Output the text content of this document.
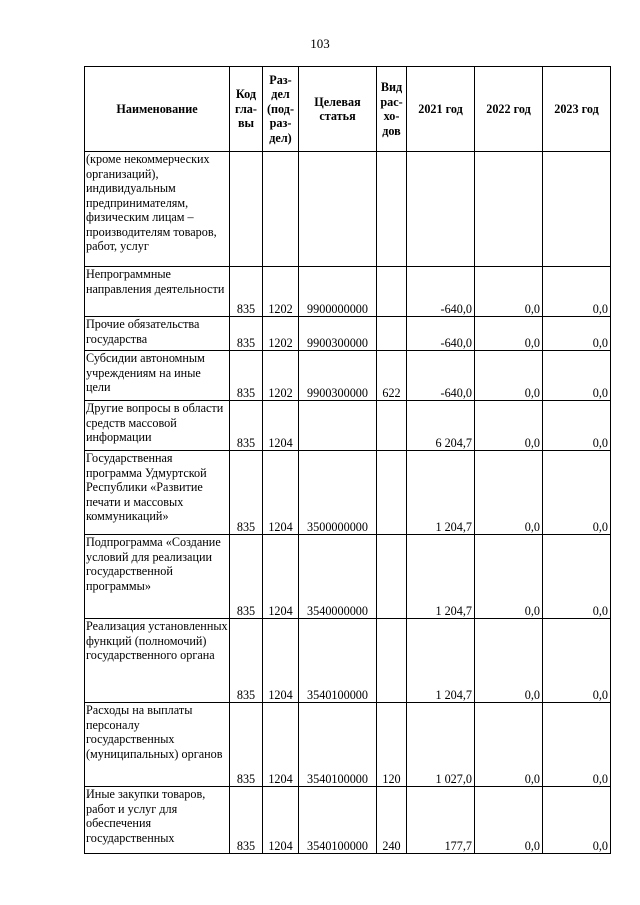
103
Наименование	Код гла- вы	Раз- дел (под- раз- дел)	Целевая статья	Вид рас- хо- дов	2021 год	2022 год	2023 год
(кроме некоммерческих организаций), индивидуальным предпринимателям, физическим лицам – производителям товаров, работ, услуг							
Непрограммные направления деятельности	835	1202	9900000000		-640,0	0,0	0,0
Прочие обязательства государства	835	1202	9900300000		-640,0	0,0	0,0
Субсидии автономным учреждениям на иные цели	835	1202	9900300000	622	-640,0	0,0	0,0
Другие вопросы в области средств массовой информации	835	1204			6 204,7	0,0	0,0
Государственная программа Удмуртской Республики «Развитие печати и массовых коммуникаций»	835	1204	3500000000		1 204,7	0,0	0,0
Подпрограмма «Создание условий для реализации государственной программы»	835	1204	3540000000		1 204,7	0,0	0,0
Реализация установленных функций (полномочий) государственного органа	835	1204	3540100000		1 204,7	0,0	0,0
Расходы на выплаты персоналу государственных (муниципальных) органов	835	1204	3540100000	120	1 027,0	0,0	0,0
Иные закупки товаров, работ и услуг для обеспечения государственных	835	1204	3540100000	240	177,7	0,0	0,0
